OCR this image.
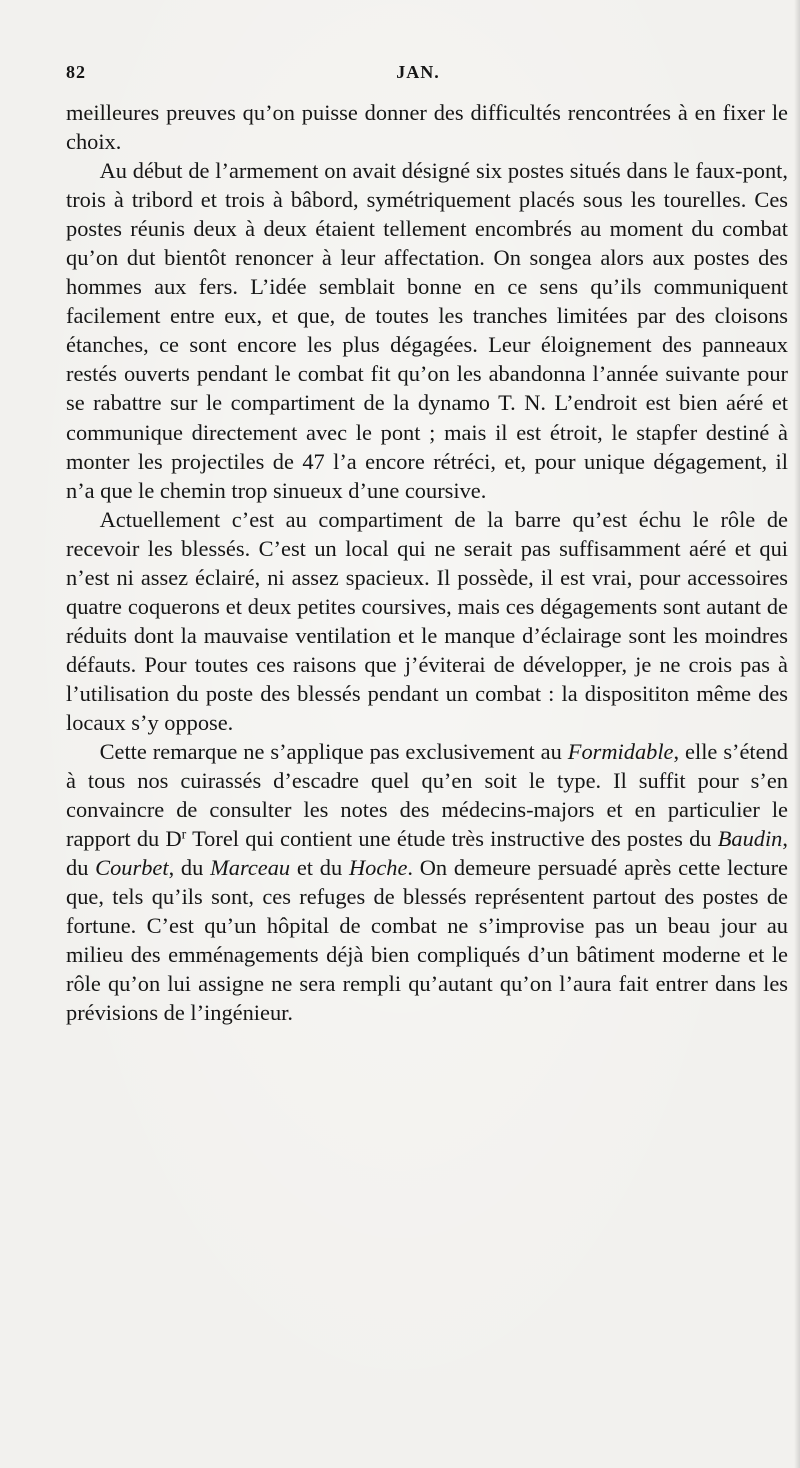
82	JAN.

meilleures preuves qu’on puisse donner des difficultés rencontrées à en fixer le choix.

Au début de l’armement on avait désigné six postes situés dans le faux-pont, trois à tribord et trois à bâbord, symétriquement placés sous les tourelles. Ces postes réunis deux à deux étaient tellement encombrés au moment du combat qu’on dut bientôt renoncer à leur affectation. On songea alors aux postes des hommes aux fers. L’idée semblait bonne en ce sens qu’ils communiquent facilement entre eux, et que, de toutes les tranches limitées par des cloisons étanches, ce sont encore les plus dégagées. Leur éloignement des panneaux restés ouverts pendant le combat fit qu’on les abandonna l’année suivante pour se rabattre sur le compartiment de la dynamo T. N. L’endroit est bien aéré et communique directement avec le pont ; mais il est étroit, le stapfer destiné à monter les projectiles de 47 l’a encore rétréci, et, pour unique dégagement, il n’a que le chemin trop sinueux d’une coursive.

Actuellement c’est au compartiment de la barre qu’est échu le rôle de recevoir les blessés. C’est un local qui ne serait pas suffisamment aéré et qui n’est ni assez éclairé, ni assez spacieux. Il possède, il est vrai, pour accessoires quatre coquerons et deux petites coursives, mais ces dégagements sont autant de réduits dont la mauvaise ventilation et le manque d’éclairage sont les moindres défauts. Pour toutes ces raisons que j’éviterai de développer, je ne crois pas à l’utilisation du poste des blessés pendant un combat : la disposititon même des locaux s’y oppose.

Cette remarque ne s’applique pas exclusivement au Formidable, elle s’étend à tous nos cuirassés d’escadre quel qu’en soit le type. Il suffit pour s’en convaincre de consulter les notes des médecins-majors et en particulier le rapport du $D^r$ Torel qui contient une étude très instructive des postes du Baudin, du Courbet, du Marceau et du Hoche. On demeure persuadé après cette lecture que, tels qu’ils sont, ces refuges de blessés représentent partout des postes de fortune. C’est qu’un hôpital de combat ne s’improvise pas un beau jour au milieu des emménagements déjà bien compliqués d’un bâtiment moderne et le rôle qu’on lui assigne ne sera rempli qu’autant qu’on l’aura fait entrer dans les prévisions de l’ingénieur.
